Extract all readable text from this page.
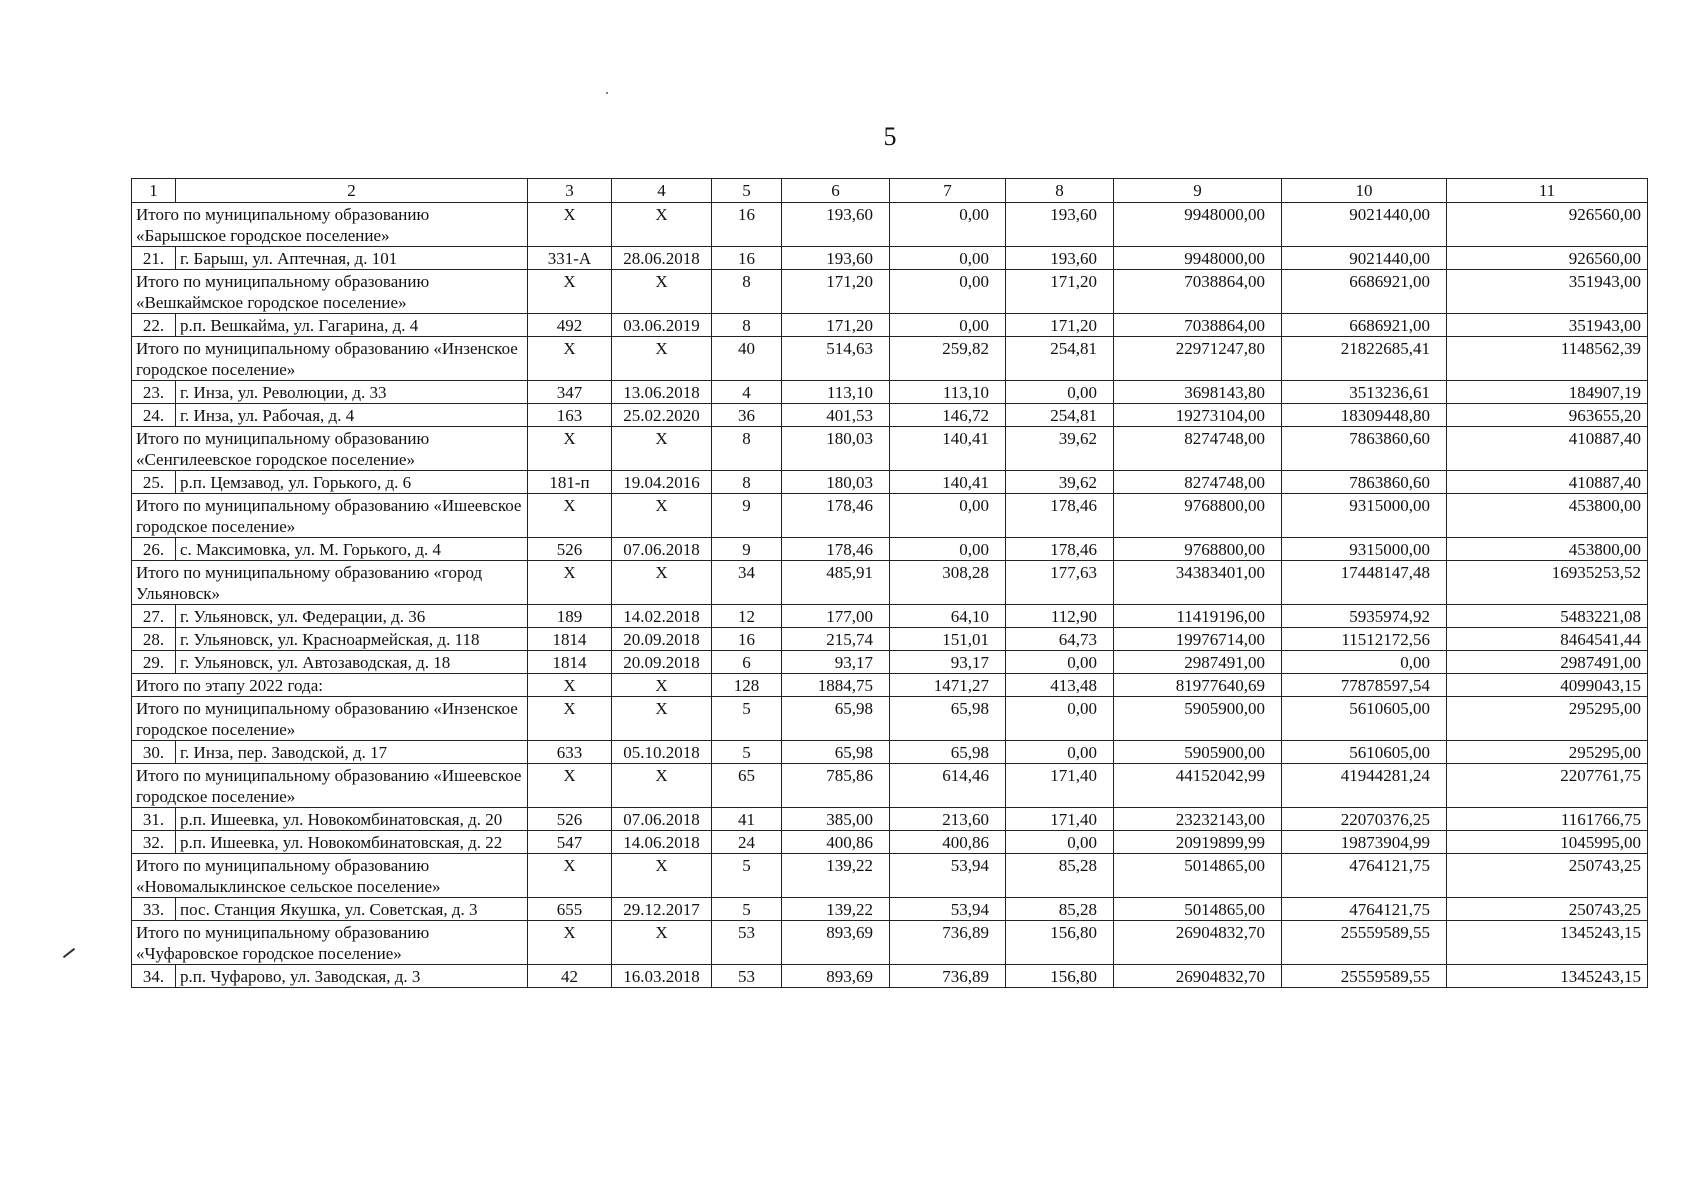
5
1	2	3	4	5	6	7	8	9	10	11
Итого по муниципальному образованию «Барышское городское поселение»		X	X	16	193,60	0,00	193,60	9948000,00	9021440,00	926560,00
21.	г. Барыш, ул. Аптечная, д. 101	331-А	28.06.2018	16	193,60	0,00	193,60	9948000,00	9021440,00	926560,00
Итого по муниципальному образованию «Вешкаймское городское поселение»		X	X	8	171,20	0,00	171,20	7038864,00	6686921,00	351943,00
22.	р.п. Вешкайма, ул. Гагарина, д. 4	492	03.06.2019	8	171,20	0,00	171,20	7038864,00	6686921,00	351943,00
Итого по муниципальному образованию «Инзенское городское поселение»		X	X	40	514,63	259,82	254,81	22971247,80	21822685,41	1148562,39
23.	г. Инза, ул. Революции, д. 33	347	13.06.2018	4	113,10	113,10	0,00	3698143,80	3513236,61	184907,19
24.	г. Инза, ул. Рабочая, д. 4	163	25.02.2020	36	401,53	146,72	254,81	19273104,00	18309448,80	963655,20
Итого по муниципальному образованию «Сенгилеевское городское поселение»		X	X	8	180,03	140,41	39,62	8274748,00	7863860,60	410887,40
25.	р.п. Цемзавод, ул. Горького, д. 6	181-п	19.04.2016	8	180,03	140,41	39,62	8274748,00	7863860,60	410887,40
Итого по муниципальному образованию «Ишеевское городское поселение»		X	X	9	178,46	0,00	178,46	9768800,00	9315000,00	453800,00
26.	с. Максимовка, ул. М. Горького, д. 4	526	07.06.2018	9	178,46	0,00	178,46	9768800,00	9315000,00	453800,00
Итого по муниципальному образованию «город Ульяновск»		X	X	34	485,91	308,28	177,63	34383401,00	17448147,48	16935253,52
27.	г. Ульяновск, ул. Федерации, д. 36	189	14.02.2018	12	177,00	64,10	112,90	11419196,00	5935974,92	5483221,08
28.	г. Ульяновск, ул. Красноармейская, д. 118	1814	20.09.2018	16	215,74	151,01	64,73	19976714,00	11512172,56	8464541,44
29.	г. Ульяновск, ул. Автозаводская, д. 18	1814	20.09.2018	6	93,17	93,17	0,00	2987491,00	0,00	2987491,00
Итого по этапу 2022 года:		X	X	128	1884,75	1471,27	413,48	81977640,69	77878597,54	4099043,15
Итого по муниципальному образованию «Инзенское городское поселение»		X	X	5	65,98	65,98	0,00	5905900,00	5610605,00	295295,00
30.	г. Инза, пер. Заводской, д. 17	633	05.10.2018	5	65,98	65,98	0,00	5905900,00	5610605,00	295295,00
Итого по муниципальному образованию «Ишеевское городское поселение»		X	X	65	785,86	614,46	171,40	44152042,99	41944281,24	2207761,75
31.	р.п. Ишеевка, ул. Новокомбинатовская, д. 20	526	07.06.2018	41	385,00	213,60	171,40	23232143,00	22070376,25	1161766,75
32.	р.п. Ишеевка, ул. Новокомбинатовская, д. 22	547	14.06.2018	24	400,86	400,86	0,00	20919899,99	19873904,99	1045995,00
Итого по муниципальному образованию «Новомалыклинское сельское поселение»		X	X	5	139,22	53,94	85,28	5014865,00	4764121,75	250743,25
33.	пос. Станция Якушка, ул. Советская, д. 3	655	29.12.2017	5	139,22	53,94	85,28	5014865,00	4764121,75	250743,25
Итого по муниципальному образованию «Чуфаровское городское поселение»		X	X	53	893,69	736,89	156,80	26904832,70	25559589,55	1345243,15
34.	р.п. Чуфарово, ул. Заводская, д. 3	42	16.03.2018	53	893,69	736,89	156,80	26904832,70	25559589,55	1345243,15
